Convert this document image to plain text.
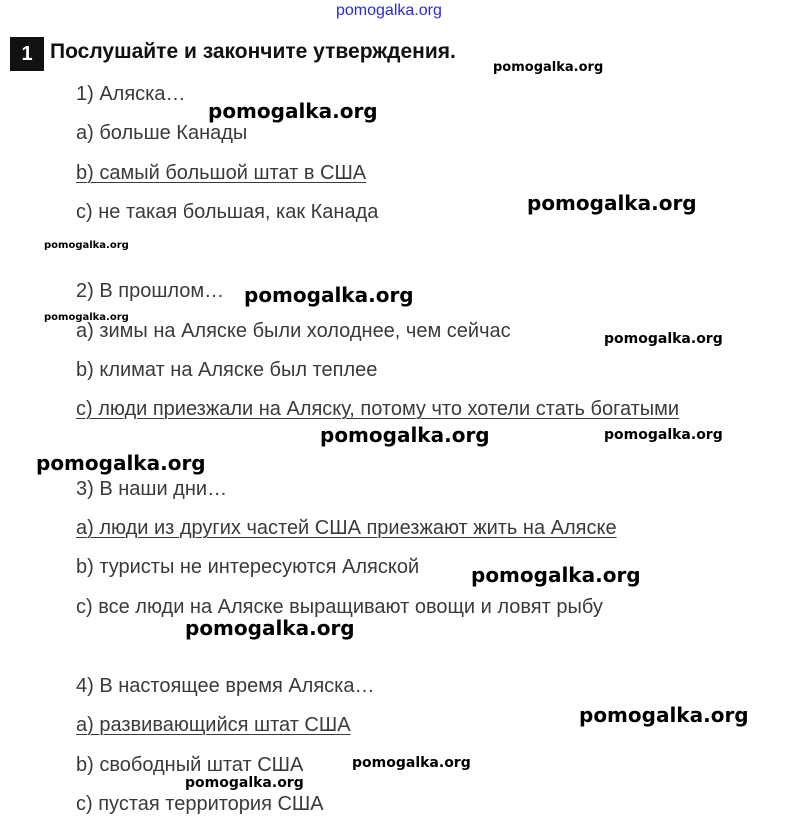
pomogalka.org
1 Послушайте и закончите утверждения.
1) Аляска…
a) больше Канады
b) самый большой штат в США
c) не такая большая, как Канада
2) В прошлом…
a) зимы на Аляске были холоднее, чем сейчас
b) климат на Аляске был теплее
c) люди приезжали на Аляску, потому что хотели стать богатыми
3) В наши дни…
a) люди из других частей США приезжают жить на Аляске
b) туристы не интересуются Аляской
c) все люди на Аляске выращивают овощи и ловят рыбу
4) В настоящее время Аляска…
a) развивающийся штат США
b) свободный штат США
c) пустая территория США
pomogalka.org
pomogalka.org
pomogalka.org
pomogalka.org
pomogalka.org
pomogalka.org
pomogalka.org
pomogalka.org	pomogalka.org
pomogalka.org
pomogalka.org
pomogalka.org
pomogalka.org
pomogalka.org
pomogalka.org
